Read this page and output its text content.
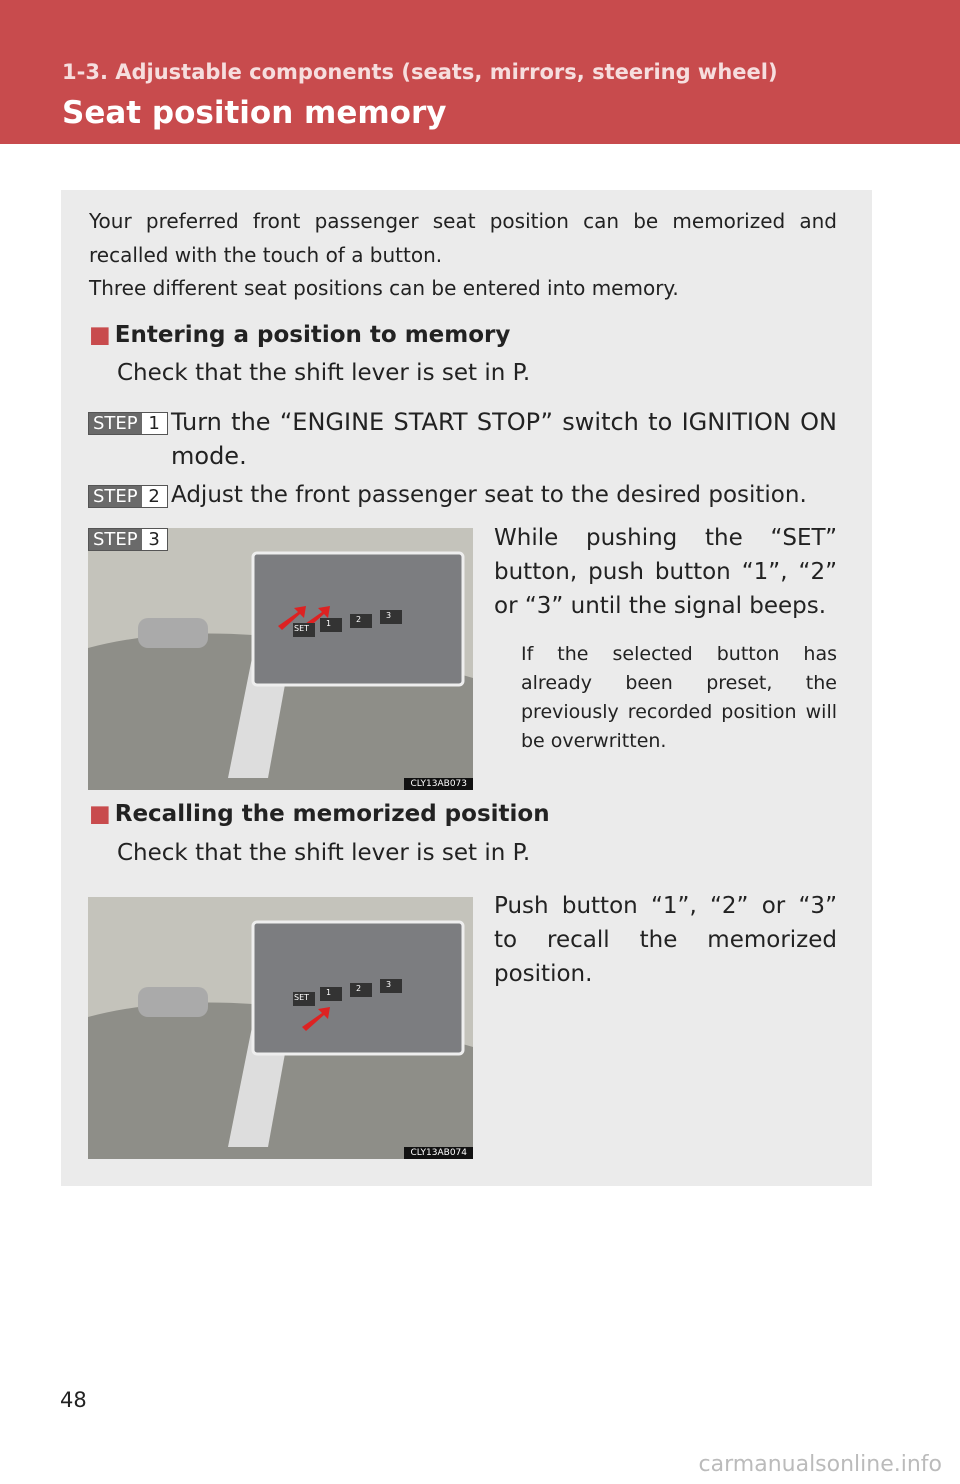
1-3. Adjustable components (seats, mirrors, steering wheel)
Seat position memory
Your preferred front passenger seat position can be memorized and recalled with the touch of a button.
Three different seat positions can be entered into memory.
■ Entering a position to memory
Check that the shift lever is set in P.
STEP 1 Turn the “ENGINE START STOP” switch to IGNITION ON mode.
STEP 2 Adjust the front passenger seat to the desired position.
STEP 3
SET
1	2	3
CLY13AB073
While pushing the “SET” button, push button “1”, “2” or “3” until the signal beeps.
If the selected button has already been preset, the previously recorded position will be overwritten.
■ Recalling the memorized position
Check that the shift lever is set in P.
SET
1	2	3
CLY13AB074
Push button “1”, “2” or “3” to recall the memorized position.
48
carmanualsonline.info
